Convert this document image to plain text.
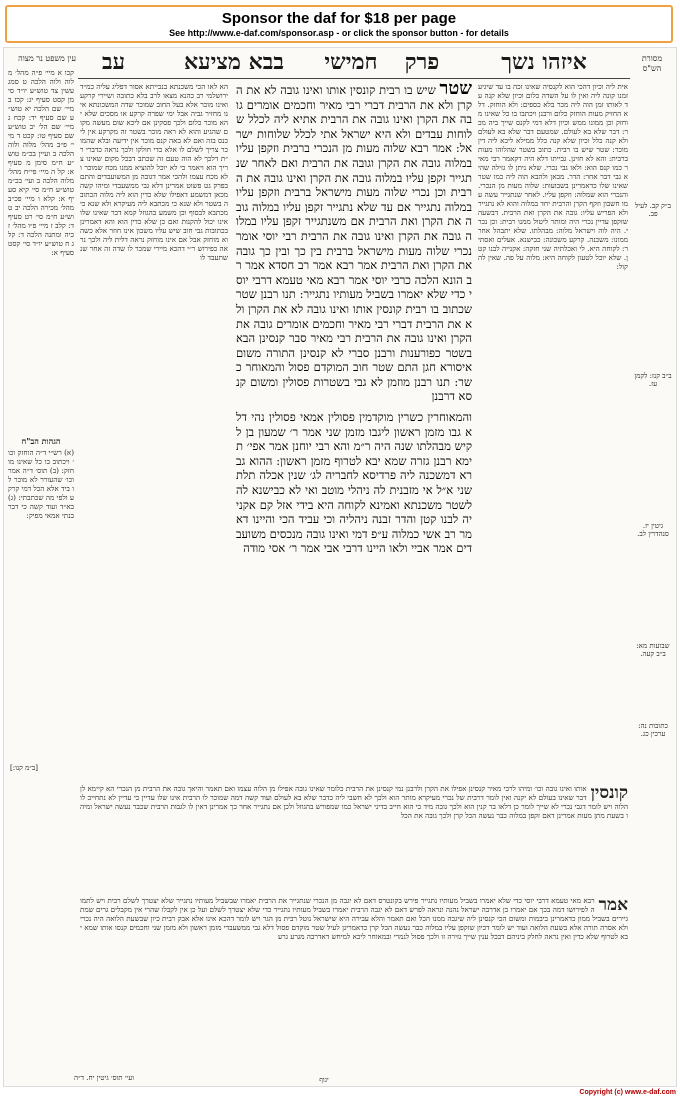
Sponsor the daf for $18 per page
See http://www.e-daf.com/sponsor.asp - or click the sponsor button - for details
עין משפט נר מצוה	עב	בבא מציעא	חמישי	פרק	איזהו נשך	מסורת הש"ס
קכו א מיי׳ פ״ה מהל׳ מלוה ולוה הלכה ט סמג עשין צד טוש״ע יו״ד סימן קסט סעיף יג: קכז ב מיי׳ שם הלכה יא טוש״ע שם סעיף יד: קכח ג מיי׳ שם הל׳ יב טוש״ע שם סעיף טו: קכט ד מיי׳ פ״ב מהל׳ מלוה ולוה הלכה ב ועיין בכ״מ טוש״ע ח״מ סימן מ סעיף א: קל ה מיי׳ פי״ח מהל׳ מלוה הלכה ב ועי׳ בכ״מ טוש״ע ח״מ סי׳ קיא סעיף א: קלא ו מיי׳ פכ״ב מהל׳ מכירה הלכה יב טוש״ע ח״מ סי׳ רט סעיף ד: קלב ז מיי׳ פ״ו מהל׳ זכיה ומתנה הלכה ד: קלג ח טוש״ע יו״ד סי׳ קסט סעיף א:
הגהות הב"ח
(א) רש״י ד״ה הוחזק וכו׳ ויכתוב בו כל שאינו מוחזק: (ב) תוס׳ ד״ה אמר וכו׳ שהעורר לא מוכר לו ביד אלא הכל דמי קרקע ולפי מה שכתבתי: (ג) בא״ד ועוד קשה כי דבר בנתי אמאי מפיק:
הא לאו הכי משכנתא בנכייתא אסור דפליג עליה כמ״ד ירושלמי רב כהנא מצאו לרב בלא כתובה ושיירי קרקע ואינו מוכר אלא בעל החוב שמוכר שדה המשכונתא אינו מחזיר גביה אבל ימי שפרה קרקע או מסכים שלא יהא מוכר כלום ולכך פסקינן אם ליכא שום מעשה מקום שהגיע והוא לא ראה מוכר בשטר זה מקרקע אין ליכנס בזה ואם לא באה קנס מוכר אין ידיעה ובלא שהמוכר צריך לשלם לו אלא כדי חולקו ולכך נראה כדברי ר״ת דלכך לא הוה טעם זה שכתב דבכל מקום שאינו צריך הוא ויאמר כי לא יוכל להוציא ממנו מכח שמוכר ולא מכח עצמו ולהכי אמר דגובה מן המשועבדים והתם בפרק גט פשוט אמרינן דלא גבי ממשעבדי ומיהו קשה מכאן דמשמע דאפילו שלא כדין הוא ליה מלוה הכתובה בשטר ולא שנא כי מכתבא ליה מעיקרא ולא שנא כי מכתבא לבסוף וכן משמע בהגוזל קמא דבר שאינו שלו אינו יכול להקנות ואם כן שלא כדין הוא והא דאמרינן בכתובות גבי חוב שיש עליו משכון אינו חוזר אלא כשהוא מוחזק אבל אם אינו מוחזק נראה דלית ליה ולכך נראה כפירוש ר״י דהכא מיירי שמכר לו שדה זה אחר שנשתעבד לו
שטר שיש בו רבית קונסין אותו ואינו גובה לא את הקרן ולא את הרבית דברי רבי מאיר וחכמים אומרים גובה את הקרן ואינו גובה את הרבית אתיא ליה לכלל שלוחות עבדים ולא היא ישראל אתי לכלל שלוחות ישראל: אמר רבא שלוה מעות מן הנכרי ברבית וזקפן עליו במלוה גובה את הקרן וגובה את הרבית ואם לאחר שנתגייר זקפן עליו במלוה גובה את הקרן ואינו גובה את הרבית וכן נכרי שלוה מעות מישראל ברבית וזקפן עליו במלוה נתגייר אם עד שלא נתגייר זקפן עליו במלוה גובה את הקרן ואת הרבית אם משנתגייר זקפן עליו במלוה גובה את הקרן ואינו גובה את הרבית רבי יוסי אומר נכרי שלוה מעות מישראל ברבית בין כך ובין כך גובה את הקרן ואת הרבית אמר רבא אמר רב חסדא אמר רב הונא הלכה כרבי יוסי אמר רבא מאי טעמא דרבי יוסי כדי שלא יאמרו בשביל מעותיו נתגייר: תנו רבנן שטר שכתוב בו רבית קונסין אותו ואינו גובה לא את הקרן ולא את הרבית דברי רבי מאיר וחכמים אומרים גובה את הקרן ואינו גובה את הרבית רבי מאיר סבר קנסינן הבא בשטר כפורענות ורבנן סברי לא קנסינן התורה משום איסורא חגן התם שטר חוב המוקדם פסול והמאוחר כשר: תנו רבנן מוזמן לא גבי בשטרות פסולין ומשום קנסא דרבנן
והמאוחרין כשרין מוקדמין פסולין אמאי פסולין נהי דלא גבו מזמן ראשון ליגבו מזמן שני אמר ר׳ שמעון בן לקיש מבהלתו שנה היה ר״מ והא רבי יוחנן אמר אפי׳ תימא רבנן גזרה שמא יבא לטרוף מזמן ראשון: ההוא גברא דמשכנה ליה פרדיסא לחבריה לג׳ שנין אכלה תלת שני א״ל אי מזבנית לה ניהלי מוטב ואי לא כבישנא לה לשטר משכנתא ואמינא לקוחה היא בידי אזל קם אקנייה לבנו קטן והדר זבנה ניהליה וכי עביד הכי והיינו דאמר רב אשי כמלוה ע״פ דמי ואינו גובה מנכסים משועבדים אמר אביי ולאו היינו דרבי אבי אמר ר׳ אסי מודה
אית ליה וכיון דהכי הוא לקנסיה שאינו זכה בו עד שיגיע זמנו קונה ליה ואין לו על השדה כלום וכיון שלא קנה עד לאותו זמן הוה ליה מכר בלא כספים: ולא הוחזק. דלא החזיק מעות הוחזק כלום ורבנן ויכתבו בו כל שאינו מוחזק וכן ממונו ממש וכיון דלא דמי לקנס שייך ביה מכר: דבר שלא בא לעולם. שמטעם דבר שלא בא לעולם ולא קנה כלל וכיון שלא קנה כלל ממילא ליכא ליה דין מוכר: שטר שיש בו רבית. כתוב בשטר שהלוהו מעות ברבית: והא לא חזינן. גבייתו דלא היה דקאמר רבי מאיר כמו קנס הוא: ולאו גבי נכרי. שלא ניתן לו גזילה שהיא גבי דבר אחר: הדר. מכאן ולהבא הוה ליה כמו שטר שאינו שלו כדאמרינן בשבועות: שלוה מעות מן הנכרי. והנכרי הוא שמלוה: וזקפן עליו. לאחר שנתגייר עשה עמו חשבון וזקף הקרן והרבית יחד במלוה והוא לא נתגייר ולא הפריש עליו: גובה את הקרן ואת הרבית. דבשעה שזקפן עדיין נכרי היה ומותר ליטול ממנו רבית: וכן נכרי. היה לוה וישראל מלוה: מבהלתו. שלא יתבהל אחר ממונו: משכנה. קרקע משכונה: כבישנא. אעלים ואסתיר: לקוחה היא. לי ואכלתיה שני חזקה: אקנייה לבנו קטן. שלא יוכל לטעון לקוחה היא: מלוה על פה. שאין לה קול:
ב״ק קב. לעיל פב.
ב״ב קנז: לקמן עז.
גיטין יז. סנהדרין לב.
שבועות מא: ב״ב קעה.
כתובות נה: ערכין כג.
קונסין
אותו ואינו גובה וכו׳ ומיהו לרבי מאיר קנסינן אפילו את הקרן ולרבנן נמי קנסינן את הרבית כלומר שאינו גובה אפילו מן הלוה עצמו ואם תאמר והיאך גובה את הרבית מן הנכרי הא קיימא לן דבר שאינו בעולם לא יקנה ואין לומר דרבית של נכרי מעיקרא מותר הוא ולכך לא חשבי ליה כדבר שלא בא לעולם ועוד קשה דמה שמוכר לו הרבית אינו שלו עדיין כי עדיין לא נתחייב לו הלוה ויש לומר דגבי נכרי לא שייך לומר כן דלאו בר קנין הוא ולכך גובה מיד כי הוא חייב בדיני ישראל כמו שמפורש בהגוזל ולכן אם נתגייר אחר כך אמרינן דאין לו לגבות הרבית שכבר נעשה ישראל ומיהו בשעת מתן מעות אמרינן דאם זקפן במלוה כבר נעשה הכל קרן ולכך גובה את הכל
אמר
רבא מאי טעמא דרבי יוסי כדי שלא יאמרו בשביל מעותיו נתגייר פירש בקונטרס דאם לא יגבה מן הנכרי שנתגייר את הרבית יאמרו שבשביל מעותיו נתגייר שלא יצטרך לשלם רבית ויש לתמוה לפירושו דמה בכך אם יאמרו כן אדרבה ישראל נהנה ונראה לפרש דאם לא יגבה הרבית יאמרו בשביל מעותיו נתגייר כדי שלא יצטרך לשלם ועל כן אין לקבלו שהרי אין מקבלים גרים שמתגיירים בשביל ממון כדאמרינן ביבמות ומשום הכי קנסינן ליה שיגבה ממנו הכל ואם תאמר והלא עבירה היא שישראל נוטל רבית מן הגר ויש לומר דהכא אינו אלא אבק רבית כיון שבשעת הלואה היה נכרי ולא אסרה תורה אלא בשעת הלואה ועוד יש לומר דכיון שזקפן עליו במלוה כבר נעשה הכל קרן כדאמרינן לעיל שטר מוקדם פסול דלא גבי ממשעבדי מזמן ראשון ולא מזמן שני וחכמים קנסו אותו שמא יבא לטרוף שלא כדין ואין נראה לחלק ביניהם דבכל ענין שייך גזירה זו ולכך פסול לגמרי ובמאוחר ליכא למיחש דאדרבה מגרע גרע
[ב״מ קנו:]
ועי׳ תוס׳ גיטין יח. ד״ה	יגוף
Copyright (c) www.e-daf.com
